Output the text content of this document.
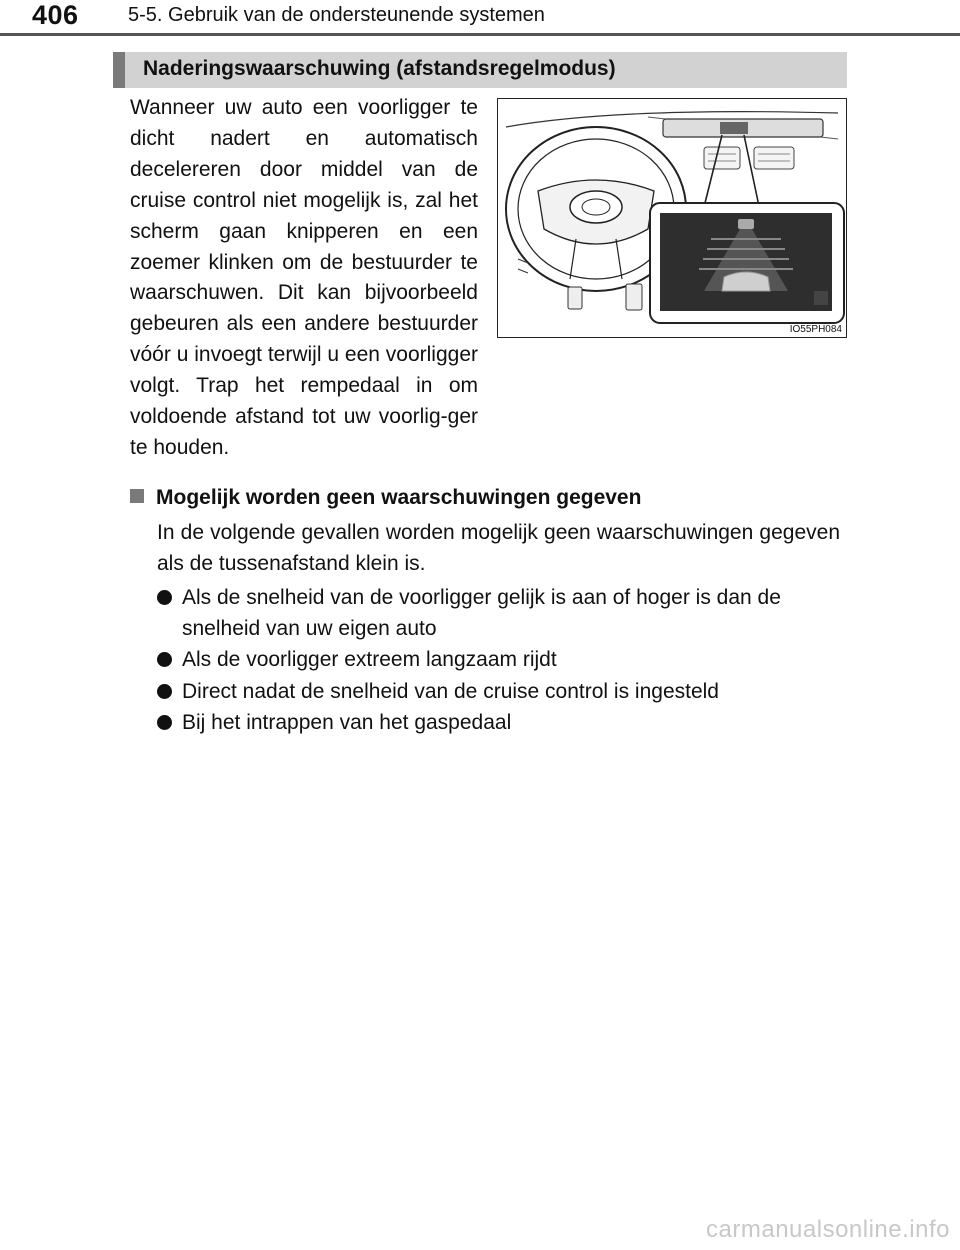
406 5-5. Gebruik van de ondersteunende systemen
Naderingswaarschuwing (afstandsregelmodus)

Wanneer uw auto een voorligger te dicht nadert en automatisch decelereren door middel van de cruise control niet mogelijk is, zal het scherm gaan knipperen en een zoemer klinken om de bestuurder te waarschuwen. Dit kan bijvoorbeeld gebeuren als een andere bestuurder vóór u invoegt terwijl u een voorligger volgt. Trap het rempedaal in om voldoende afstand tot uw voorlig-ger te houden.

IO55PH084
Mogelijk worden geen waarschuwingen gegeven

In de volgende gevallen worden mogelijk geen waarschuwingen gegeven als de tussenafstand klein is.

Als de snelheid van de voorligger gelijk is aan of hoger is dan de snelheid van uw eigen auto
Als de voorligger extreem langzaam rijdt
Direct nadat de snelheid van de cruise control is ingesteld
Bij het intrappen van het gaspedaal
carmanualsonline.info
